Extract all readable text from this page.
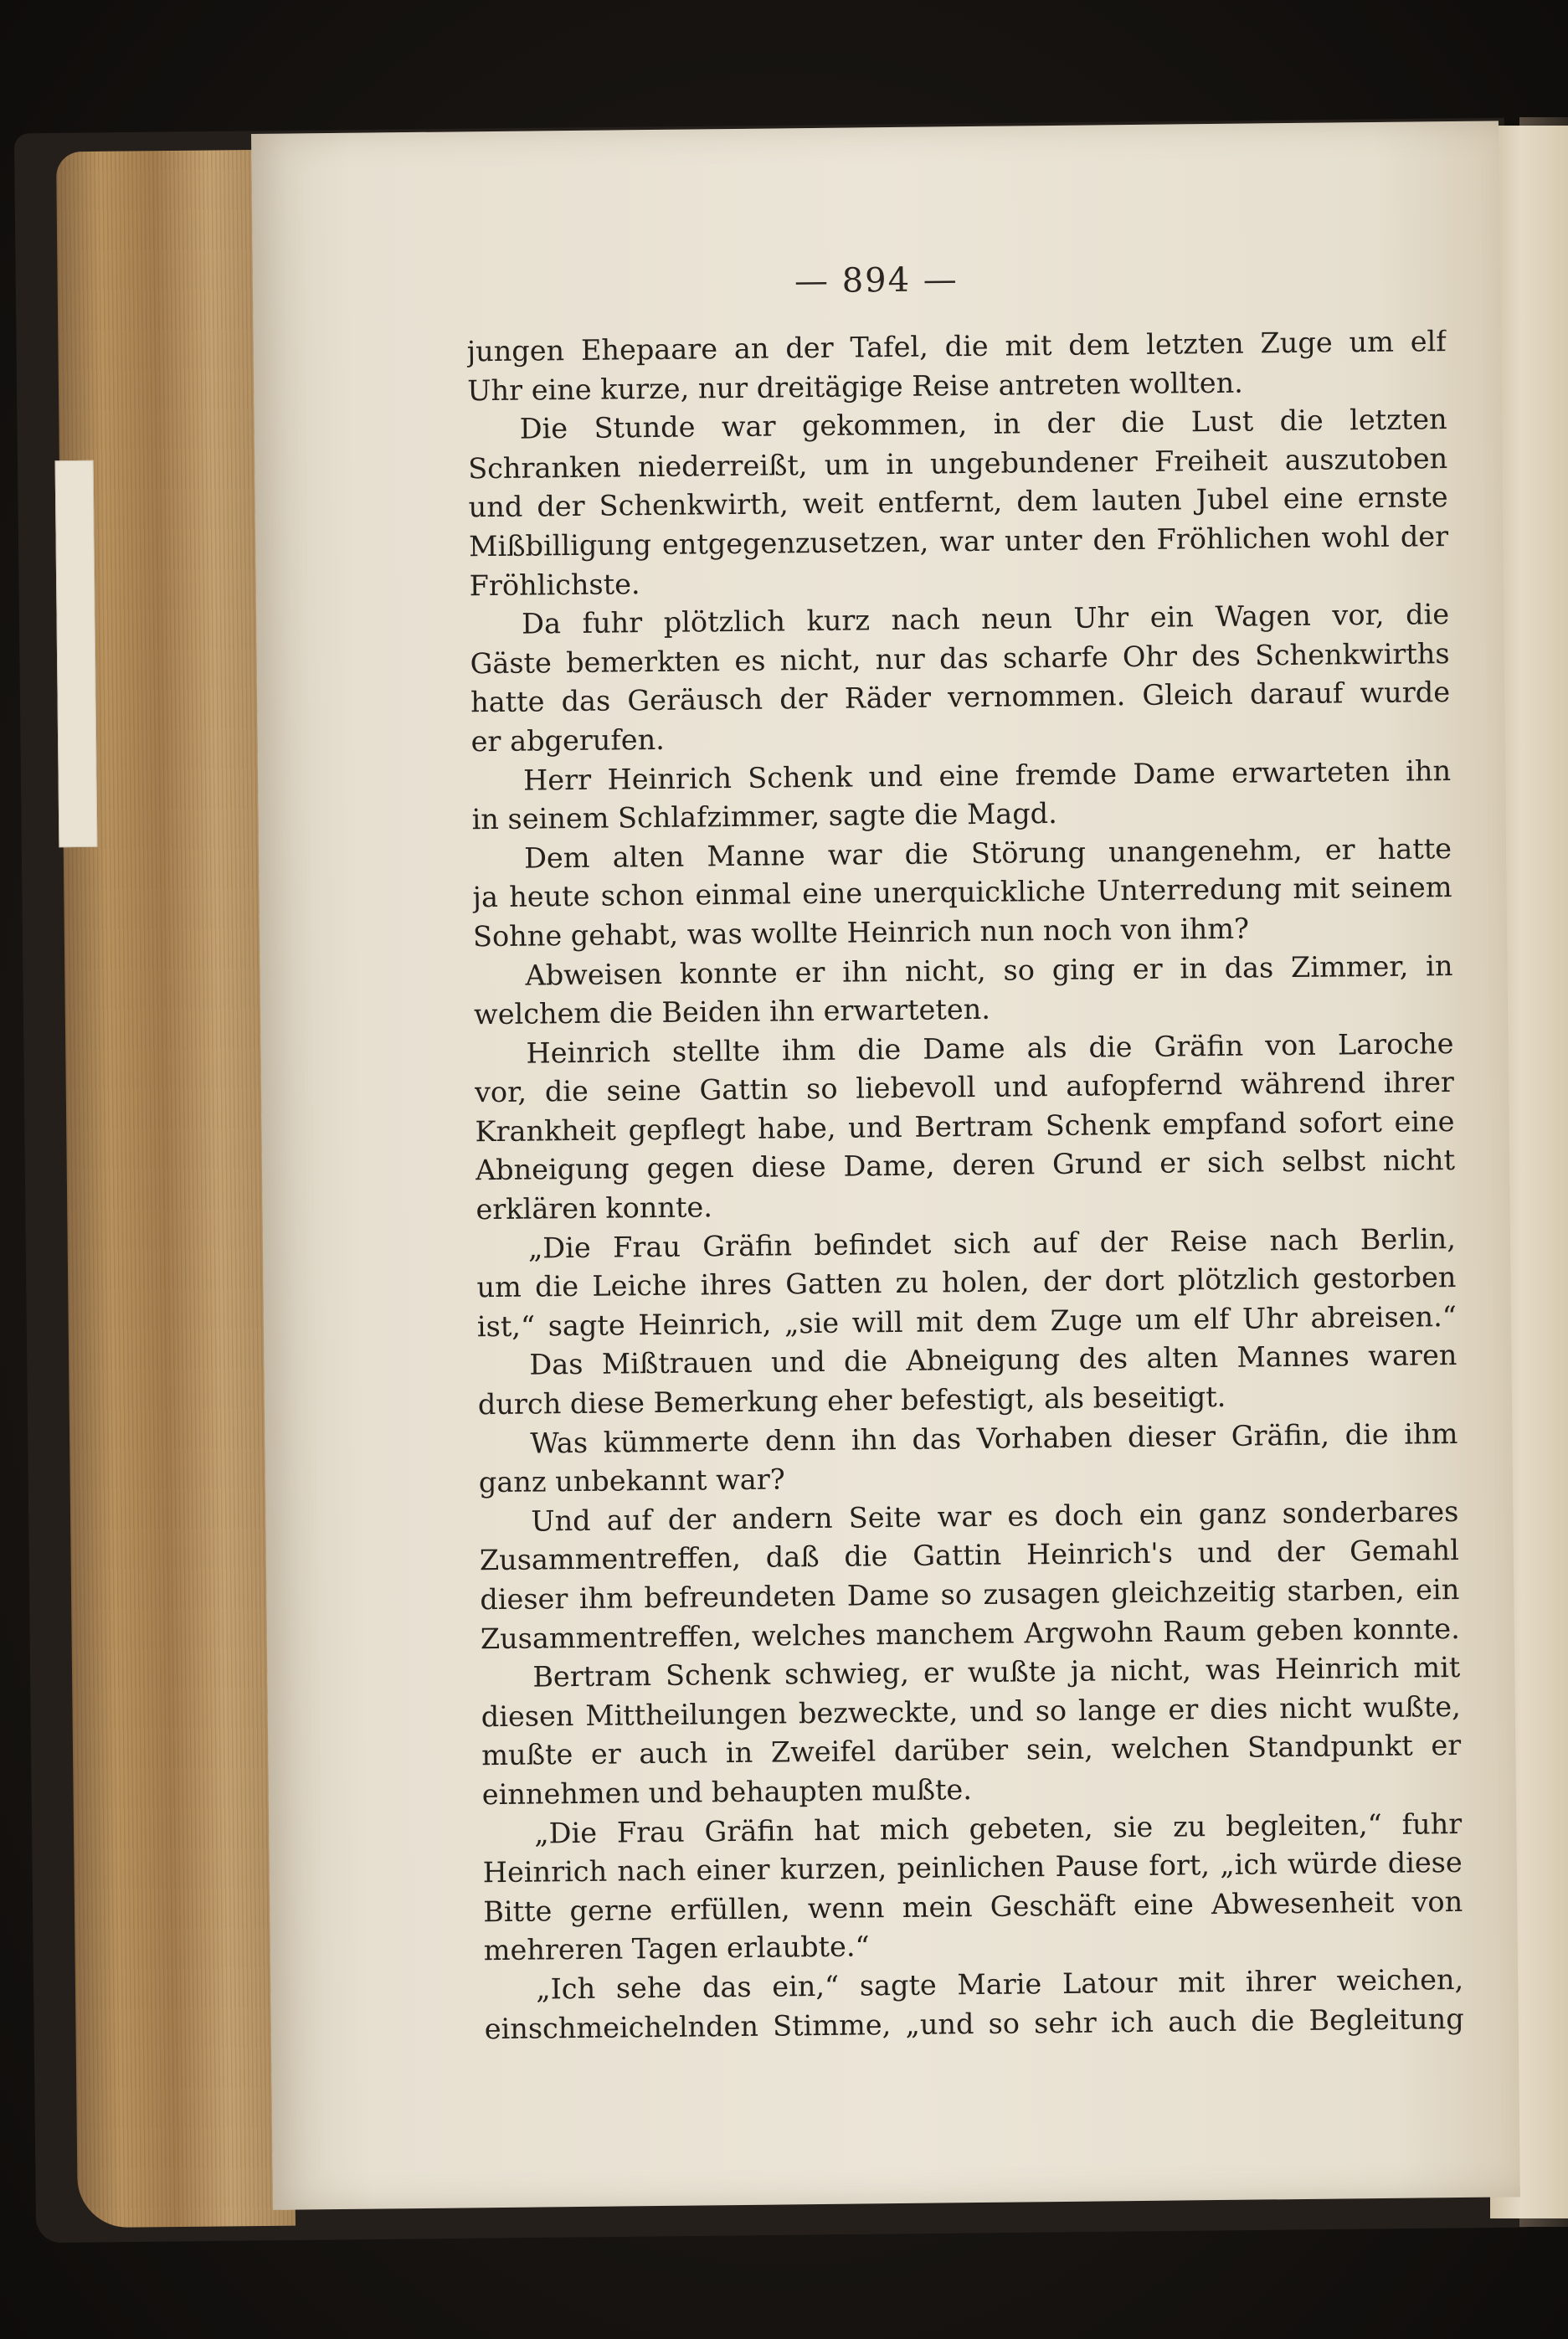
— 894 —
jungen Ehepaare an der Tafel, die mit dem letzten Zuge um elf
Uhr eine kurze, nur dreitägige Reise antreten wollten.
Die Stunde war gekommen, in der die Lust die letzten
Schranken niederreißt, um in ungebundener Freiheit auszutoben
und der Schenkwirth, weit entfernt, dem lauten Jubel eine ernste
Mißbilligung entgegenzusetzen, war unter den Fröhlichen wohl der
Fröhlichste.
Da fuhr plötzlich kurz nach neun Uhr ein Wagen vor, die
Gäste bemerkten es nicht, nur das scharfe Ohr des Schenkwirths
hatte das Geräusch der Räder vernommen. Gleich darauf wurde
er abgerufen.
Herr Heinrich Schenk und eine fremde Dame erwarteten ihn
in seinem Schlafzimmer, sagte die Magd.
Dem alten Manne war die Störung unangenehm, er hatte
ja heute schon einmal eine unerquickliche Unterredung mit seinem
Sohne gehabt, was wollte Heinrich nun noch von ihm?
Abweisen konnte er ihn nicht, so ging er in das Zimmer, in
welchem die Beiden ihn erwarteten.
Heinrich stellte ihm die Dame als die Gräfin von Laroche
vor, die seine Gattin so liebevoll und aufopfernd während ihrer
Krankheit gepflegt habe, und Bertram Schenk empfand sofort eine
Abneigung gegen diese Dame, deren Grund er sich selbst nicht
erklären konnte.
„Die Frau Gräfin befindet sich auf der Reise nach Berlin,
um die Leiche ihres Gatten zu holen, der dort plötzlich gestorben
ist,“ sagte Heinrich, „sie will mit dem Zuge um elf Uhr abreisen.“
Das Mißtrauen und die Abneigung des alten Mannes waren
durch diese Bemerkung eher befestigt, als beseitigt.
Was kümmerte denn ihn das Vorhaben dieser Gräfin, die ihm
ganz unbekannt war?
Und auf der andern Seite war es doch ein ganz sonderbares
Zusammentreffen, daß die Gattin Heinrich's und der Gemahl
dieser ihm befreundeten Dame so zusagen gleichzeitig starben, ein
Zusammentreffen, welches manchem Argwohn Raum geben konnte.
Bertram Schenk schwieg, er wußte ja nicht, was Heinrich mit
diesen Mittheilungen bezweckte, und so lange er dies nicht wußte,
mußte er auch in Zweifel darüber sein, welchen Standpunkt er
einnehmen und behaupten mußte.
„Die Frau Gräfin hat mich gebeten, sie zu begleiten,“ fuhr
Heinrich nach einer kurzen, peinlichen Pause fort, „ich würde diese
Bitte gerne erfüllen, wenn mein Geschäft eine Abwesenheit von
mehreren Tagen erlaubte.“
„Ich sehe das ein,“ sagte Marie Latour mit ihrer weichen,
einschmeichelnden Stimme, „und so sehr ich auch die Begleitung
